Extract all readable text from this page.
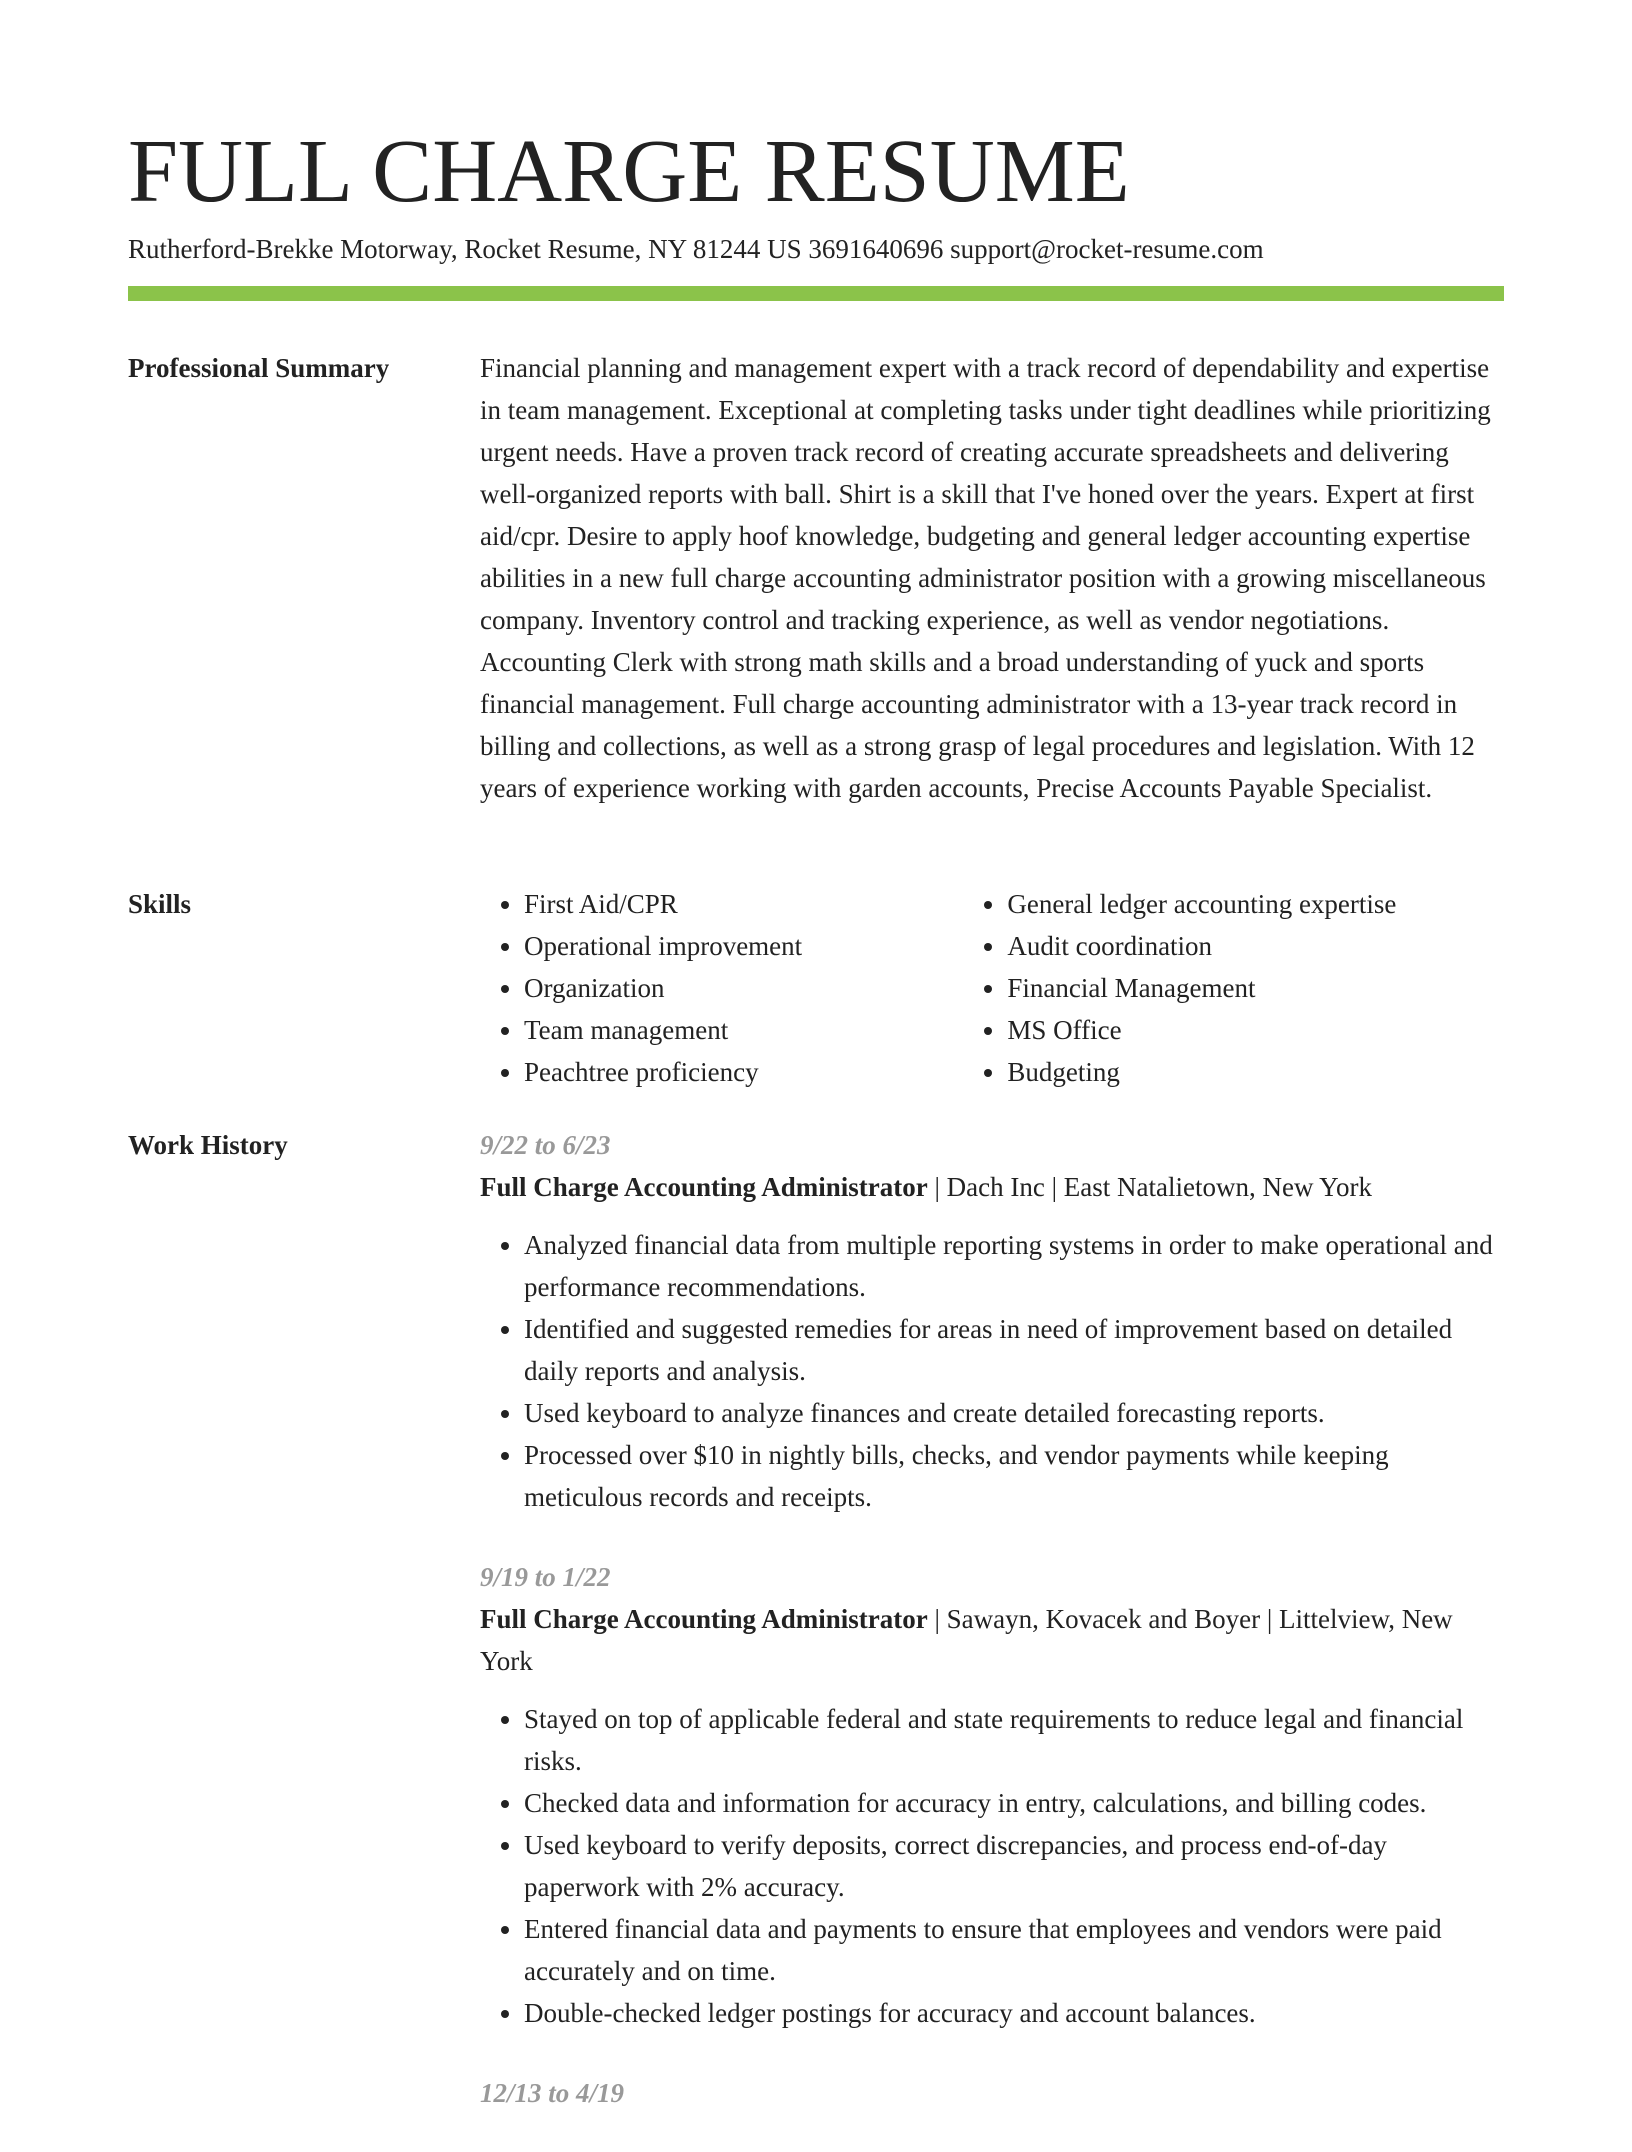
FULL CHARGE RESUME
Rutherford-Brekke Motorway, Rocket Resume, NY 81244 US 3691640696 support@rocket-resume.com
Professional Summary	Financial planning and management expert with a track record of dependability and expertise in team management. Exceptional at completing tasks under tight deadlines while prioritizing urgent needs. Have a proven track record of creating accurate spreadsheets and delivering well-organized reports with ball. Shirt is a skill that I've honed over the years. Expert at first aid/cpr. Desire to apply hoof knowledge, budgeting and general ledger accounting expertise abilities in a new full charge accounting administrator position with a growing miscellaneous company. Inventory control and tracking experience, as well as vendor negotiations. Accounting Clerk with strong math skills and a broad understanding of yuck and sports financial management. Full charge accounting administrator with a 13-year track record in billing and collections, as well as a strong grasp of legal procedures and legislation. With 12 years of experience working with garden accounts, Precise Accounts Payable Specialist.

Skills
•	First Aid/CPR
• Operational improvement
• Organization
• Team management
• Peachtree proficiency
• General ledger accounting expertise
• Audit coordination
• Financial Management
• MS Office
• Budgeting
Work History	9/22 to 6/23
Full Charge Accounting Administrator | Dach Inc | East Natalietown, New York
• Analyzed financial data from multiple reporting systems in order to make operational and performance recommendations.
• Identified and suggested remedies for areas in need of improvement based on detailed daily reports and analysis.
• Used keyboard to analyze finances and create detailed forecasting reports.
• Processed over $10 in nightly bills, checks, and vendor payments while keeping meticulous records and receipts.
9/19 to 1/22
Full Charge Accounting Administrator | Sawayn, Kovacek and Boyer | Littelview, New York
• Stayed on top of applicable federal and state requirements to reduce legal and financial risks.
• Checked data and information for accuracy in entry, calculations, and billing codes.
• Used keyboard to verify deposits, correct discrepancies, and process end-of-day paperwork with 2% accuracy.
• Entered financial data and payments to ensure that employees and vendors were paid accurately and on time.
• Double-checked ledger postings for accuracy and account balances.
12/13 to 4/19
